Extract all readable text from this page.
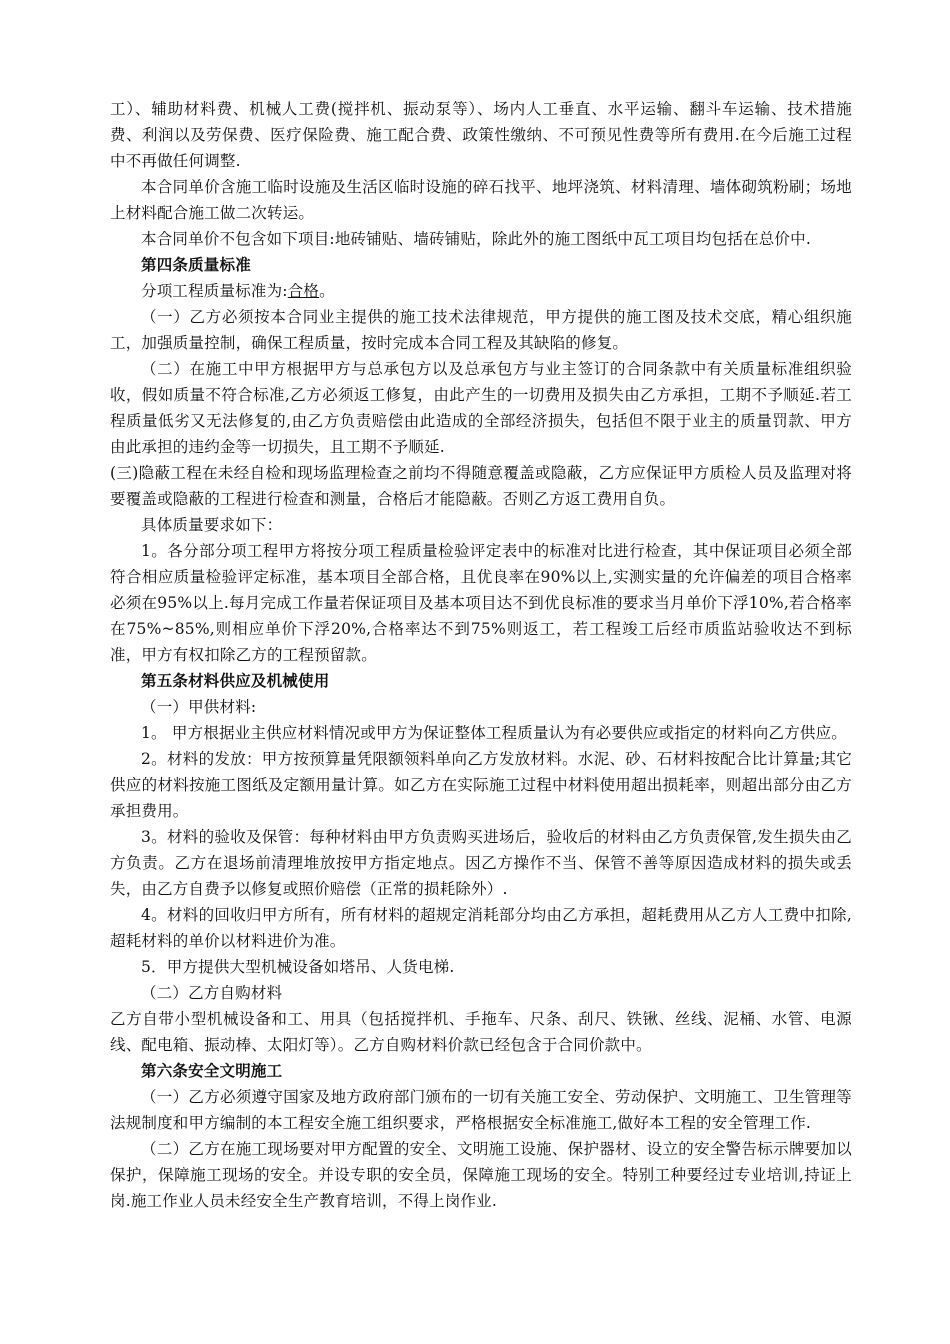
工）、辅助材料费、机械人工费(搅拌机、振动泵等）、场内人工垂直、水平运输、翻斗车运输、技术措施费、利润以及劳保费、医疗保险费、施工配合费、政策性缴纳、不可预见性费等所有费用.在今后施工过程中不再做任何调整.

本合同单价含施工临时设施及生活区临时设施的碎石找平、地坪浇筑、材料清理、墙体砌筑粉刷；场地上材料配合施工做二次转运。

本合同单价不包含如下项目:地砖铺贴、墙砖铺贴，除此外的施工图纸中瓦工项目均包括在总价中.

第四条质量标准

分项工程质量标准为:合格。

（一）乙方必须按本合同业主提供的施工技术法律规范，甲方提供的施工图及技术交底，精心组织施工，加强质量控制，确保工程质量，按时完成本合同工程及其缺陷的修复。

（二）在施工中甲方根据甲方与总承包方以及总承包方与业主签订的合同条款中有关质量标准组织验收，假如质量不符合标准,乙方必须返工修复，由此产生的一切费用及损失由乙方承担，工期不予顺延.若工程质量低劣又无法修复的,由乙方负责赔偿由此造成的全部经济损失，包括但不限于业主的质量罚款、甲方由此承担的违约金等一切损失，且工期不予顺延.

(三)隐蔽工程在未经自检和现场监理检查之前均不得随意覆盖或隐蔽，乙方应保证甲方质检人员及监理对将要覆盖或隐蔽的工程进行检查和测量，合格后才能隐蔽。否则乙方返工费用自负。

具体质量要求如下：

1。各分部分项工程甲方将按分项工程质量检验评定表中的标准对比进行检查，其中保证项目必须全部符合相应质量检验评定标准，基本项目全部合格，且优良率在90%以上,实测实量的允许偏差的项目合格率必须在95%以上.每月完成工作量若保证项目及基本项目达不到优良标准的要求当月单价下浮10%,若合格率在75%~85%,则相应单价下浮20%,合格率达不到75%则返工，若工程竣工后经市质监站验收达不到标准，甲方有权扣除乙方的工程预留款。

第五条材料供应及机械使用

（一）甲供材料:

1。 甲方根据业主供应材料情况或甲方为保证整体工程质量认为有必要供应或指定的材料向乙方供应。

2。材料的发放：甲方按预算量凭限额领料单向乙方发放材料。水泥、砂、石材料按配合比计算量;其它供应的材料按施工图纸及定额用量计算。如乙方在实际施工过程中材料使用超出损耗率，则超出部分由乙方承担费用。

3。材料的验收及保管：每种材料由甲方负责购买进场后，验收后的材料由乙方负责保管,发生损失由乙方负责。乙方在退场前清理堆放按甲方指定地点。因乙方操作不当、保管不善等原因造成材料的损失或丢失，由乙方自费予以修复或照价赔偿（正常的损耗除外）.

4。材料的回收归甲方所有，所有材料的超规定消耗部分均由乙方承担，超耗费用从乙方人工费中扣除,超耗材料的单价以材料进价为准。

5．甲方提供大型机械设备如塔吊、人货电梯.

（二）乙方自购材料

乙方自带小型机械设备和工、用具（包括搅拌机、手拖车、尺条、刮尺、铁锹、丝线、泥桶、水管、电源线、配电箱、振动棒、太阳灯等）。乙方自购材料价款已经包含于合同价款中。

第六条安全文明施工

（一）乙方必须遵守国家及地方政府部门颁布的一切有关施工安全、劳动保护、文明施工、卫生管理等法规制度和甲方编制的本工程安全施工组织要求，严格根据安全标准施工,做好本工程的安全管理工作.

（二）乙方在施工现场要对甲方配置的安全、文明施工设施、保护器材、设立的安全警告标示牌要加以保护，保障施工现场的安全。并设专职的安全员，保障施工现场的安全。特别工种要经过专业培训,持证上岗.施工作业人员未经安全生产教育培训，不得上岗作业.
